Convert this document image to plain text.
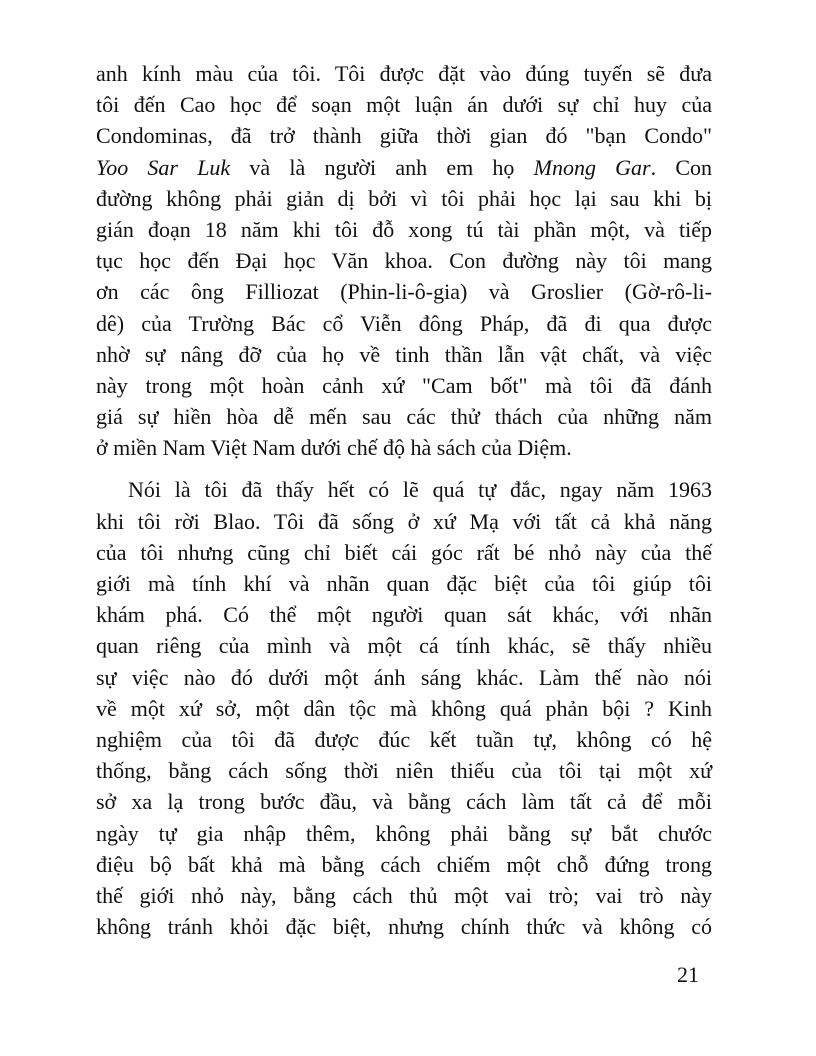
anh kính màu của tôi. Tôi được đặt vào đúng tuyến sẽ đưa
tôi đến Cao học để soạn một luận án dưới sự chỉ huy của
Condominas, đã trở thành giữa thời gian đó "bạn Condo"
Yoo Sar Luk và là người anh em họ Mnong Gar. Con
đường không phải giản dị bởi vì tôi phải học lại sau khi bị
gián đoạn 18 năm khi tôi đỗ xong tú tài phần một, và tiếp
tục học đến Đại học Văn khoa. Con đường này tôi mang
ơn các ông Filliozat (Phin-li-ô-gia) và Groslier (Gờ-rô-li-
dê) của Trường Bác cổ Viễn đông Pháp, đã đi qua được
nhờ sự nâng đỡ của họ về tinh thần lẫn vật chất, và việc
này trong một hoàn cảnh xứ "Cam bốt" mà tôi đã đánh
giá sự hiền hòa dễ mến sau các thử thách của những năm
ở miền Nam Việt Nam dưới chế độ hà sách của Diệm.
Nói là tôi đã thấy hết có lẽ quá tự đắc, ngay năm 1963
khi tôi rời Blao. Tôi đã sống ở xứ Mạ với tất cả khả năng
của tôi nhưng cũng chỉ biết cái góc rất bé nhỏ này của thế
giới mà tính khí và nhãn quan đặc biệt của tôi giúp tôi
khám phá. Có thể một người quan sát khác, với nhãn
quan riêng của mình và một cá tính khác, sẽ thấy nhiều
sự việc nào đó dưới một ánh sáng khác. Làm thế nào nói
về một xứ sở, một dân tộc mà không quá phản bội ? Kinh
nghiệm của tôi đã được đúc kết tuần tự, không có hệ
thống, bằng cách sống thời niên thiếu của tôi tại một xứ
sở xa lạ trong bước đầu, và bằng cách làm tất cả để mỗi
ngày tự gia nhập thêm, không phải bằng sự bắt chước
điệu bộ bất khả mà bằng cách chiếm một chỗ đứng trong
thế giới nhỏ này, bằng cách thủ một vai trò; vai trò này
không tránh khỏi đặc biệt, nhưng chính thức và không có
21
